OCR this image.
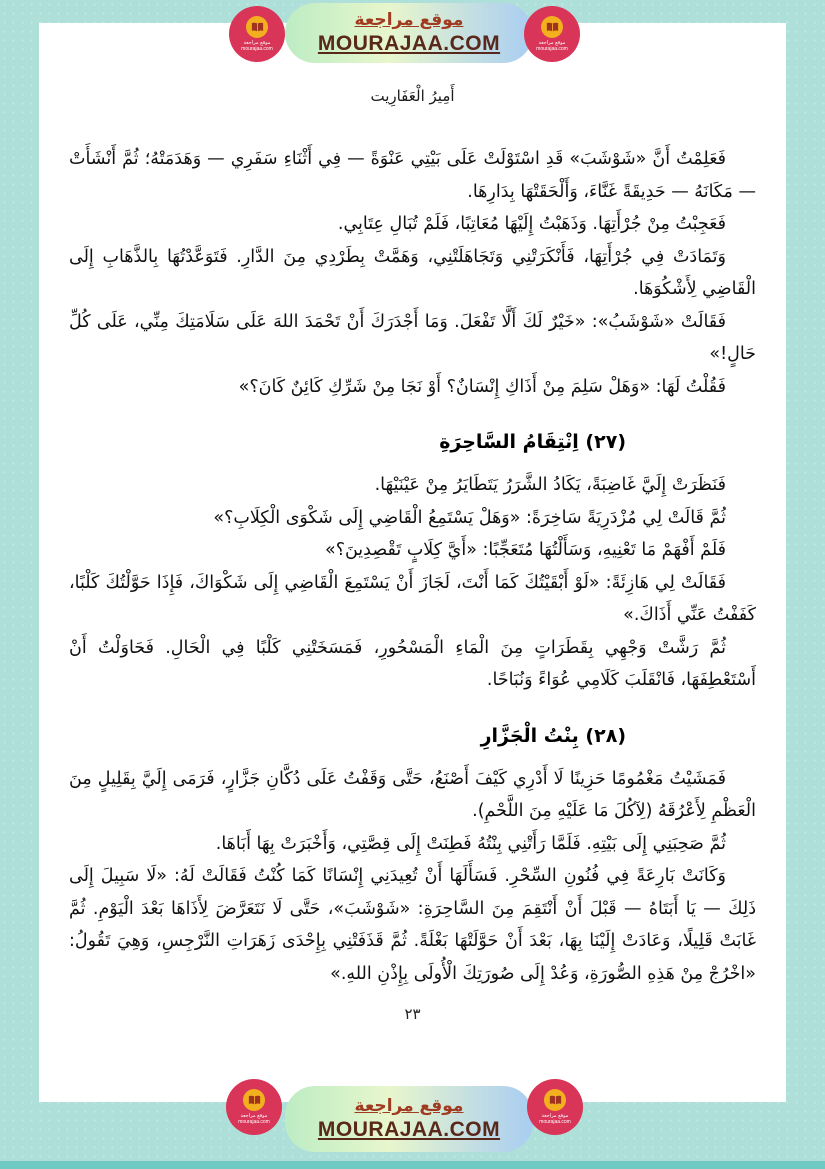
موقع مراجعة
MOURAJAA.COM
موقع مراجعة
mourajaa.com
موقع مراجعة
mourajaa.com
أَمِيرُ الْعَفَارِيت

فَعَلِمْتُ أَنَّ «شَوْشَبَ» قَدِ اسْتَوْلَتْ عَلَى بَيْتِي عَنْوَةً — فِي أَثْنَاءِ سَفَرِي — وَهَدَمَتْهُ؛ ثُمَّ أَنْشَأَتْ — مَكَانَهُ — حَدِيقَةً غَنَّاءَ، وَأَلْحَقَتْهَا بِدَارِهَا.

فَعَجِبْتُ مِنْ جُرْأَتِهَا. وَذَهَبْتُ إِلَيْهَا مُعَاتِبًا، فَلَمْ تُبَالِ عِتَابِي.

وَتَمَادَتْ فِي جُرْأَتِهَا، فَأَنْكَرَتْنِي وَتَجَاهَلَتْنِي، وَهَمَّتْ بِطَرْدِي مِنَ الدَّارِ. فَتَوَعَّدْتُهَا بِالذَّهَابِ إِلَى الْقَاضِي لِأَشْكُوَهَا.

فَقَالَتْ «شَوْشَبُ»: «خَيْرٌ لَكَ أَلَّا تَفْعَلَ. وَمَا أَجْدَرَكَ أَنْ تَحْمَدَ اللهَ عَلَى سَلَامَتِكَ مِنِّي، عَلَى كُلِّ حَالٍ!»

فَقُلْتُ لَهَا: «وَهَلْ سَلِمَ مِنْ أَذَاكِ إِنْسَانٌ؟ أَوْ نَجَا مِنْ شَرِّكِ كَائِنٌ كَانَ؟»

(٢٧) اِنْتِقَامُ السَّاحِرَةِ

فَنَظَرَتْ إِلَيَّ غَاضِبَةً، يَكَادُ الشَّرَرُ يَتَطَايَرُ مِنْ عَيْنَيْهَا.

ثُمَّ قَالَتْ لِي مُزْدَرِيَةً سَاخِرَةً: «وَهَلْ يَسْتَمِعُ الْقَاضِي إِلَى شَكْوَى الْكِلَابِ؟»

فَلَمْ أَفْهَمْ مَا تَعْنِيهِ، وَسَأَلْتُهَا مُتَعَجِّبًا: «أَيَّ كِلَابٍ تَقْصِدِينَ؟»

فَقَالَتْ لِي هَازِئَةً: «لَوْ أَبْقَيْتُكَ كَمَا أَنْتَ، لَجَازَ أَنْ يَسْتَمِعَ الْقَاضِي إِلَى شَكْوَاكَ، فَإِذَا حَوَّلْتُكَ كَلْبًا، كَفَفْتُ عَنِّي أَذَاكَ.»

ثُمَّ رَشَّتْ وَجْهِي بِقَطَرَاتٍ مِنَ الْمَاءِ الْمَسْحُورِ، فَمَسَخَتْنِي كَلْبًا فِي الْحَالِ. فَحَاوَلْتُ أَنْ أَسْتَعْطِفَهَا، فَانْقَلَبَ كَلَامِي عُوَاءً وَنُبَاحًا.

(٢٨) بِنْتُ الْجَزَّارِ

فَمَشَيْتُ مَغْمُومًا حَزِينًا لَا أَدْرِي كَيْفَ أَصْنَعُ، حَتَّى وَقَفْتُ عَلَى دُكَّانِ جَزَّارٍ، فَرَمَى إِلَيَّ بِقَلِيلٍ مِنَ الْعَظْمِ لِأَعْرُقَهُ (لِآكُلَ مَا عَلَيْهِ مِنَ اللَّحْمِ).

ثُمَّ صَحِبَنِي إِلَى بَيْتِهِ. فَلَمَّا رَأَتْنِي بِنْتُهُ فَطِنَتْ إِلَى قِصَّتِي، وَأَخْبَرَتْ بِهَا أَبَاهَا.

وَكَانَتْ بَارِعَةً فِي فُنُونِ السِّحْرِ. فَسَأَلَهَا أَنْ تُعِيدَنِي إِنْسَانًا كَمَا كُنْتُ فَقَالَتْ لَهُ: «لَا سَبِيلَ إِلَى ذَلِكَ — يَا أَبَتَاهُ — قَبْلَ أَنْ أَنْتَقِمَ مِنَ السَّاحِرَةِ: «شَوْشَبَ»، حَتَّى لَا نَتَعَرَّضَ لِأَذَاهَا بَعْدَ الْيَوْمِ. ثُمَّ غَابَتْ قَلِيلًا، وَعَادَتْ إِلَيْنَا بِهَا، بَعْدَ أَنْ حَوَّلَتْهَا بَغْلَةً. ثُمَّ قَذَفَتْنِي بِإِحْدَى زَهَرَاتِ النَّرْجِسِ، وَهِيَ تَقُولُ: «اخْرُجْ مِنْ هَذِهِ الصُّورَةِ، وَعُدْ إِلَى صُورَتِكَ الْأُولَى بِإِذْنِ اللهِ.»

٢٣
موقع مراجعة
MOURAJAA.COM
موقع مراجعة
mourajaa.com
موقع مراجعة
mourajaa.com
